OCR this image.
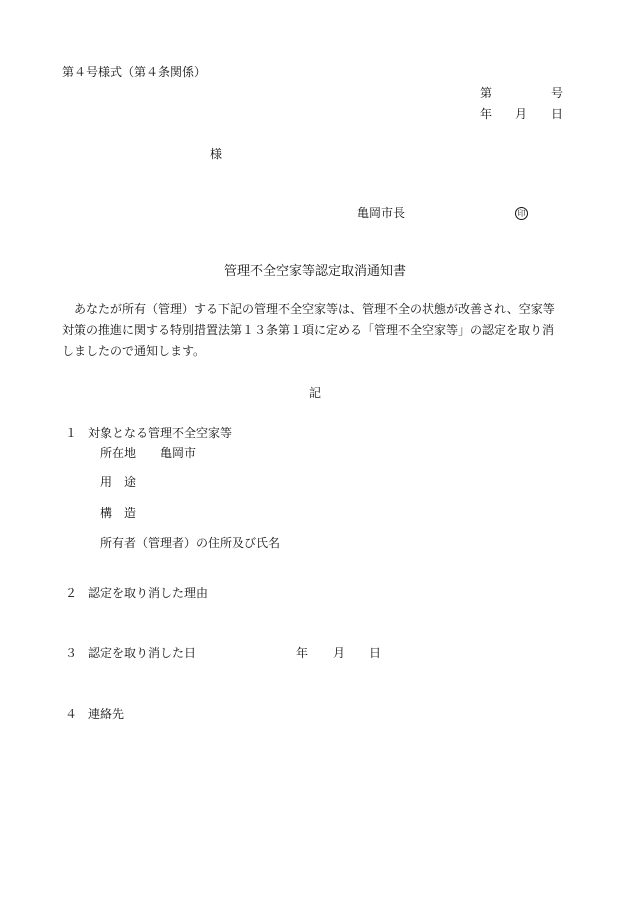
第４号様式（第４条関係）
第	号
年 月 日
様
亀岡市長	印
管理不全空家等認定取消通知書
　あなたが所有（管理）する下記の管理不全空家等は、管理不全の状態が改善され、空家等
対策の推進に関する特別措置法第１３条第１項に定める「管理不全空家等」の認定を取り消
しましたので通知します。
記
１ 対象となる管理不全空家等
所在地 亀岡市
用　途
構　造
所有者（管理者）の住所及び氏名
２ 認定を取り消した理由
３ 認定を取り消した日	年 月 日
４ 連絡先
